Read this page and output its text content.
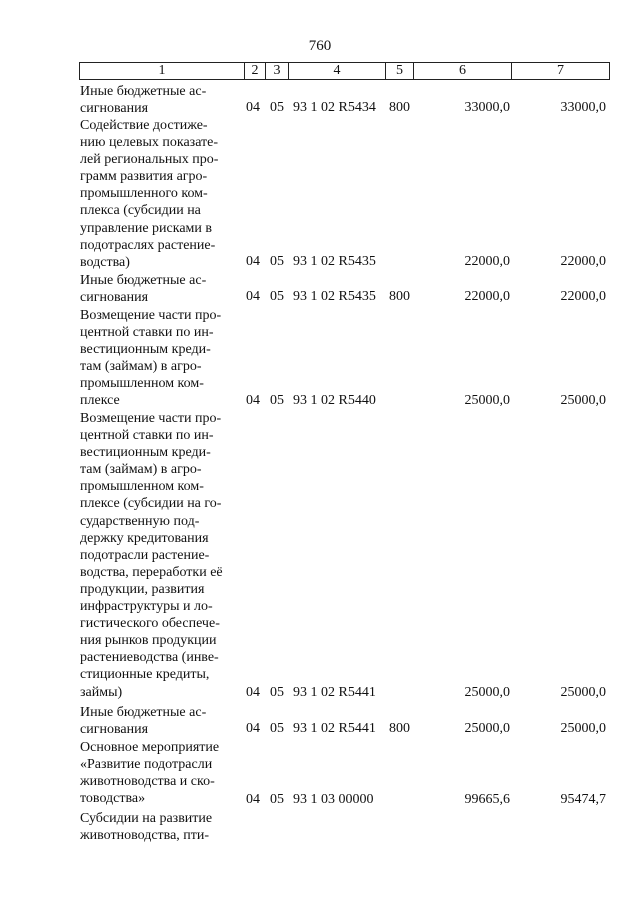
760
1	2	3	4	5	6	7
Иные бюджетные ас-
сигнования	04 05 93 1 02 R5434 800	33000,0	33000,0
Содействие достиже-
нию целевых показате-
лей региональных про-
грамм развития агро-
промышленного ком-
плекса (субсидии на
управление рисками в
подотраслях растение-
водства)	04 05 93 1 02 R5435	22000,0	22000,0
Иные бюджетные ас-
сигнования	04 05 93 1 02 R5435 800	22000,0	22000,0
Возмещение части про-
центной ставки по ин-
вестиционным креди-
там (займам) в агро-
промышленном ком-
плексе	04 05 93 1 02 R5440	25000,0	25000,0
Возмещение части про-
центной ставки по ин-
вестиционным креди-
там (займам) в агро-
промышленном ком-
плексе (субсидии на го-
сударственную под-
держку кредитования
подотрасли растение-
водства, переработки её
продукции, развития
инфраструктуры и ло-
гистического обеспече-
ния рынков продукции
растениеводства (инве-
стиционные кредиты,
займы)	04 05 93 1 02 R5441	25000,0	25000,0
Иные бюджетные ас-
сигнования	04 05 93 1 02 R5441 800	25000,0	25000,0
Основное мероприятие
«Развитие подотрасли
животноводства и ско-
товодства»	04 05 93 1 03 00000	99665,6	95474,7
Субсидии на развитие
животноводства, пти-
